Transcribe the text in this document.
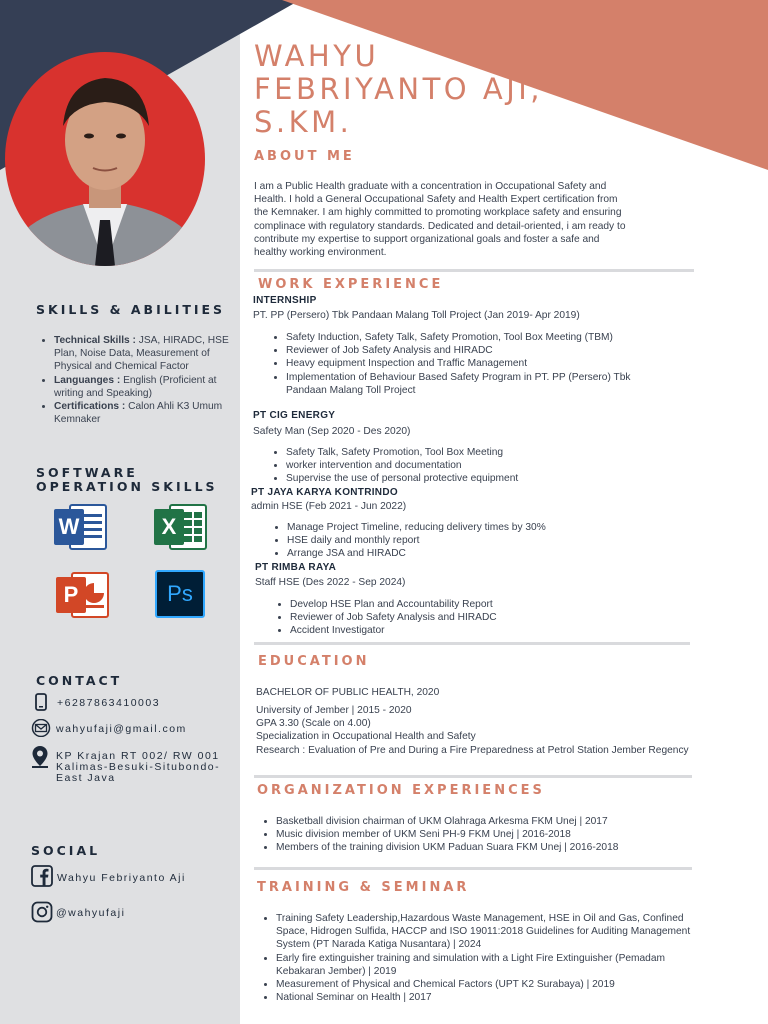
WAHYU
FEBRIYANTO AJI,
S.KM.
ABOUT ME
I am a Public Health graduate with a concentration in Occupational Safety and Health. I hold a General Occupational Safety and Health Expert certification from the Kemnaker. I am highly committed to promoting workplace safety and ensuring complinace with regulatory standards. Dedicated and detail-oriented, i am ready to contribute my expertise to support organizational goals and foster a safe and healthy working environment.
WORK EXPERIENCE
INTERNSHIP
PT. PP (Persero) Tbk Pandaan Malang Toll Project (Jan 2019- Apr 2019)
• Safety Induction, Safety Talk, Safety Promotion, Tool Box Meeting (TBM)
• Reviewer of Job Safety Analysis and HIRADC
• Heavy equipment Inspection and Traffic Management
• Implementation of Behaviour Based Safety Program in PT. PP (Persero) Tbk Pandaan Malang Toll Project
PT CIG ENERGY
Safety Man (Sep 2020 - Des 2020)
• Safety Talk, Safety Promotion, Tool Box Meeting
• worker intervention and documentation
• Supervise the use of personal protective equipment
PT JAYA KARYA KONTRINDO
admin HSE (Feb 2021 - Jun 2022)
• Manage Project Timeline, reducing delivery times by 30%
• HSE daily and monthly report
• Arrange JSA and HIRADC
PT RIMBA RAYA
Staff HSE (Des 2022 - Sep 2024)
• Develop HSE Plan and Accountability Report
• Reviewer of Job Safety Analysis and HIRADC
• Accident Investigator
EDUCATION
BACHELOR OF PUBLIC HEALTH, 2020
University of Jember | 2015 - 2020
GPA 3.30 (Scale on 4.00)
Specialization in Occupational Health and Safety
Research : Evaluation of Pre and During a Fire Preparedness at Petrol Station Jember Regency
ORGANIZATION EXPERIENCES
• Basketball division chairman of UKM Olahraga Arkesma FKM Unej | 2017
• Music division member of UKM Seni PH-9 FKM Unej | 2016-2018
• Members of the training division UKM Paduan Suara FKM Unej | 2016-2018
TRAINING & SEMINAR
• Training Safety Leadership,Hazardous Waste Management, HSE in Oil and Gas, Confined Space, Hidrogen Sulfida, HACCP and ISO 19011:2018 Guidelines for Auditing Management System (PT Narada Katiga Nusantara) | 2024
• Early fire extinguisher training and simulation with a Light Fire Extinguisher (Pemadam Kebakaran Jember) | 2019
• Measurement of Physical and Chemical Factors (UPT K2 Surabaya) | 2019
• National Seminar on Health | 2017
SKILLS & ABILITIES
• Technical Skills : JSA, HIRADC, HSE Plan, Noise Data, Measurement of Physical and Chemical Factor
• Languanges : English (Proficient at writing and Speaking)
• Certifications : Calon Ahli K3 Umum Kemnaker
SOFTWARE
OPERATION SKILLS
W	X
P	Ps
CONTACT
+6287863410003
wahyufaji@gmail.com
KP Krajan RT 002/ RW 001 Kalimas-Besuki-Situbondo-East Java
SOCIAL
Wahyu Febriyanto Aji
@wahyufaji
